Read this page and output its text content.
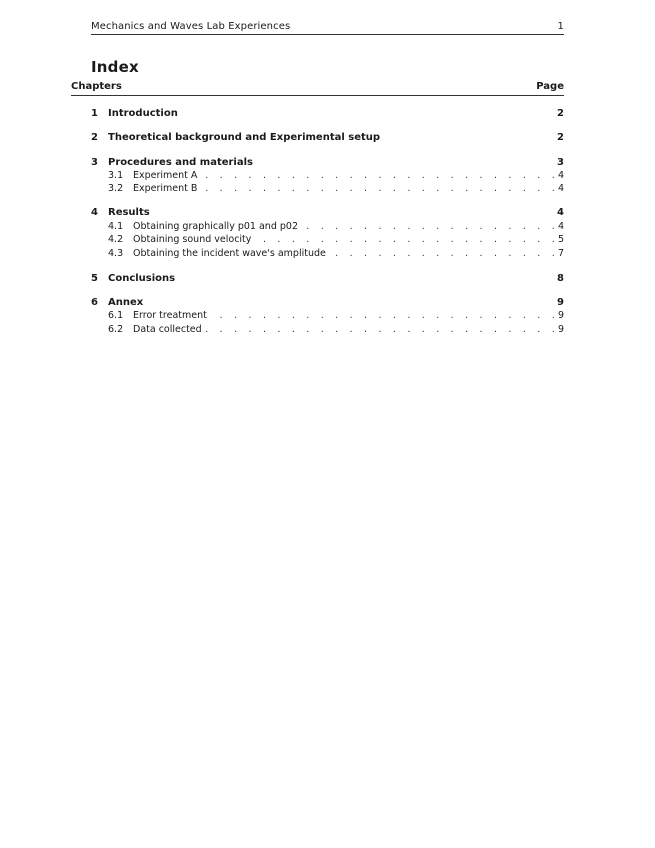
Mechanics and Waves Lab Experiences	1
Index
Chapters	Page
1 Introduction	2
2 Theoretical background and Experimental setup	2
3 Procedures and materials	3
3.1 . . . Experiment A	4
3.2 . . . Experiment B	4
4 Results	4
4.1 . . . Obtaining graphically p01 and p02	4
4.2 . . . Obtaining sound velocity	5
4.3 . . . Obtaining the incident wave's amplitude	7
5 Conclusions	8
6 Annex	9
6.1 . . . Error treatment	9
6.2 . . . Data collected	9
